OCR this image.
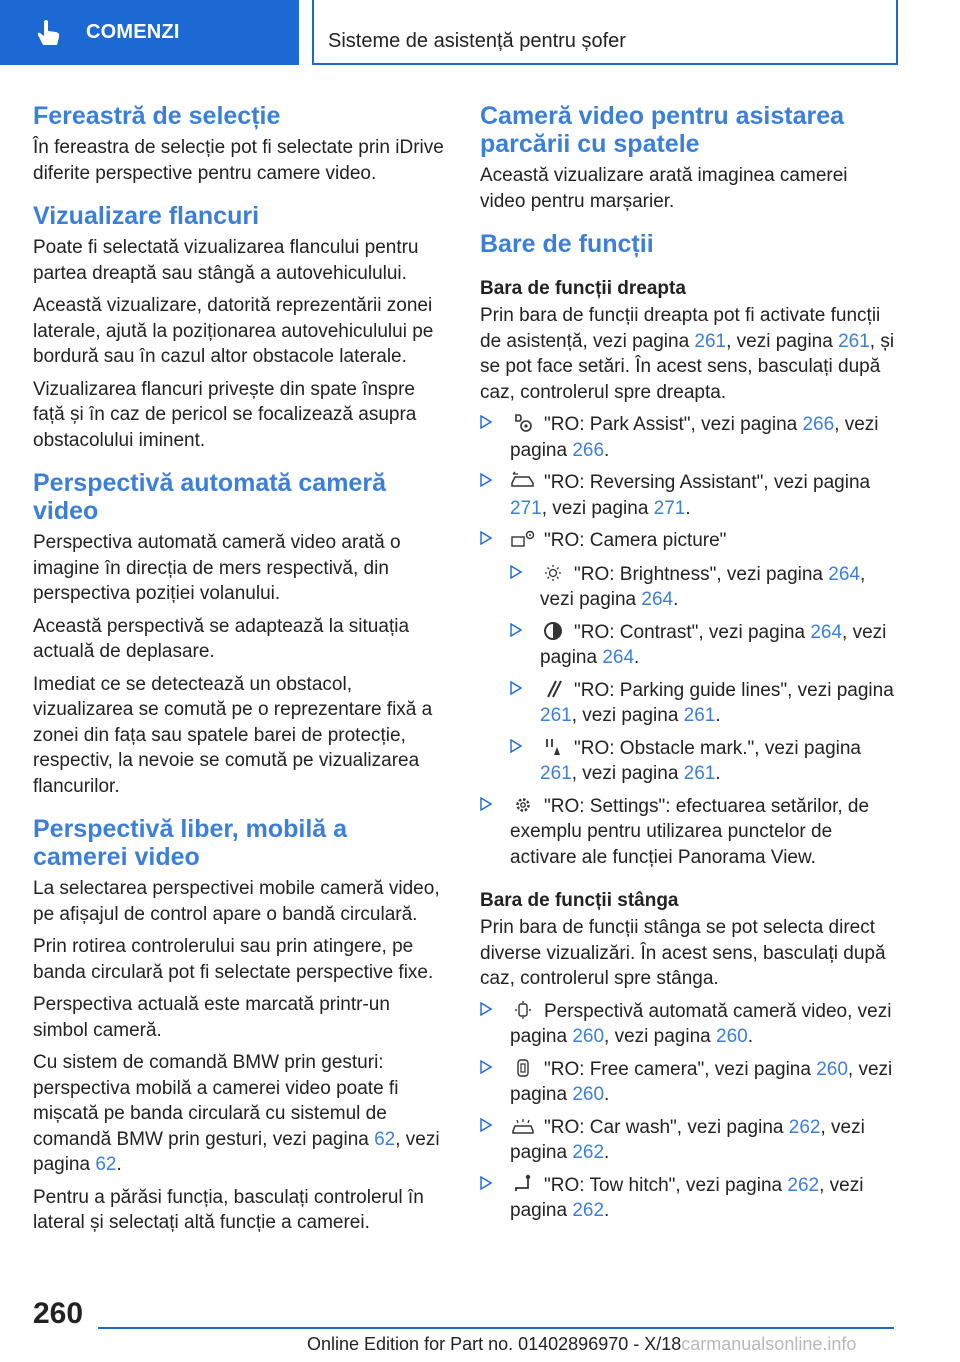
COMENZI	Sisteme de asistență pentru șofer
Fereastră de selecție

În fereastra de selecție pot fi selectate prin iDrive diferite perspective pentru camere video.

Vizualizare flancuri

Poate fi selectată vizualizarea flancului pentru partea dreaptă sau stângă a autovehiculului.

Această vizualizare, datorită reprezentării zonei laterale, ajută la poziționarea autovehiculului pe bordură sau în cazul altor obstacole laterale.

Vizualizarea flancuri privește din spate înspre față și în caz de pericol se focalizează asupra obstacolului iminent.

Perspectivă automată cameră video

Perspectiva automată cameră video arată o imagine în direcția de mers respectivă, din perspectiva poziției volanului.

Această perspectivă se adaptează la situația actuală de deplasare.

Imediat ce se detectează un obstacol, vizualizarea se comută pe o reprezentare fixă a zonei din fața sau spatele barei de protecție, respectiv, la nevoie se comută pe vizualizarea flancurilor.

Perspectivă liber, mobilă a camerei video

La selectarea perspectivei mobile cameră video, pe afișajul de control apare o bandă circulară.

Prin rotirea controlerului sau prin atingere, pe banda circulară pot fi selectate perspective fixe.

Perspectiva actuală este marcată printr-un simbol cameră.

Cu sistem de comandă BMW prin gesturi: perspectiva mobilă a camerei video poate fi mișcată pe banda circulară cu sistemul de comandă BMW prin gesturi, vezi pagina 62, vezi pagina 62.

Pentru a părăsi funcția, basculați controlerul în lateral și selectați altă funcție a camerei.

Cameră video pentru asistarea parcării cu spatele

Această vizualizare arată imaginea camerei video pentru marșarier.

Bare de funcții
Bara de funcții dreapta

Prin bara de funcții dreapta pot fi activate funcții de asistență, vezi pagina 261, vezi pagina 261, și se pot face setări. În acest sens, basculați după caz, controlerul spre dreapta.

"RO: Park Assist", vezi pagina 266, vezi pagina 266.
"RO: Reversing Assistant", vezi pagina 271, vezi pagina 271.
"RO: Camera picture"
"RO: Brightness", vezi pagina 264, vezi pagina 264.
"RO: Contrast", vezi pagina 264, vezi pagina 264.
"RO: Parking guide lines", vezi pagina 261, vezi pagina 261.
"RO: Obstacle mark.", vezi pagina 261, vezi pagina 261.
"RO: Settings": efectuarea setărilor, de exemplu pentru utilizarea punctelor de activare ale funcției Panorama View.
Bara de funcții stânga

Prin bara de funcții stânga se pot selecta direct diverse vizualizări. În acest sens, basculați după caz, controlerul spre stânga.

Perspectivă automată cameră video, vezi pagina 260, vezi pagina 260.
"RO: Free camera", vezi pagina 260, vezi pagina 260.
"RO: Car wash", vezi pagina 262, vezi pagina 262.
"RO: Tow hitch", vezi pagina 262, vezi pagina 262.
260
Online Edition for Part no. 01402896970 - X/18carmanualsonline.info
